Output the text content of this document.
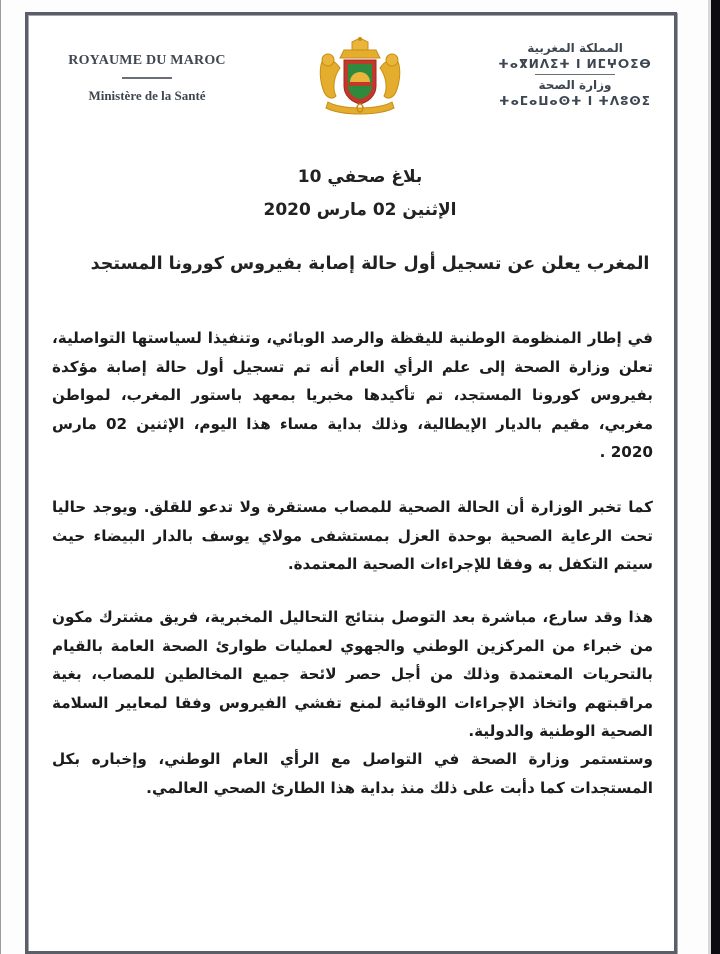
ROYAUME DU MAROC
Ministère de la Santé
المملكة المغربية
ⵜⴰⴳⵍⴷⵉⵜ ⵏ ⵍⵎⵖⵔⵉⴱ
وزارة الصحة
ⵜⴰⵎⴰⵡⴰⵙⵜ ⵏ ⵜⴷⵓⵙⵉ
بلاغ صحفي 10
الإثنين 02 مارس 2020
المغرب يعلن عن تسجيل أول حالة إصابة بفيروس كورونا المستجد
في إطار المنظومة الوطنية لليقظة والرصد الوبائي، وتنفيذا لسياستها التواصلية، تعلن وزارة الصحة إلى علم الرأي العام أنه تم تسجيل أول حالة إصابة مؤكدة بفيروس كورونا المستجد، تم تأكيدها مخبريا بمعهد باستور المغرب، لمواطن مغربي، مقيم بالديار الإيطالية، وذلك بداية مساء هذا اليوم، الإثنين 02 مارس 2020 .
كما تخبر الوزارة أن الحالة الصحية للمصاب مستقرة ولا تدعو للقلق. ويوجد حاليا تحت الرعاية الصحية بوحدة العزل بمستشفى مولاي يوسف بالدار البيضاء حيث سيتم التكفل به وفقا للإجراءات الصحية المعتمدة.
هذا وقد سارع، مباشرة بعد التوصل بنتائج التحاليل المخبرية، فريق مشترك مكون من خبراء من المركزين الوطني والجهوي لعمليات طوارئ الصحة العامة بالقيام بالتحريات المعتمدة وذلك من أجل حصر لائحة جميع المخالطين للمصاب، بغية مراقبتهم واتخاذ الإجراءات الوقائية لمنع تفشي الفيروس وفقا لمعايير السلامة الصحية الوطنية والدولية.
وستستمر وزارة الصحة في التواصل مع الرأي العام الوطني، وإخباره بكل المستجدات كما دأبت على ذلك منذ بداية هذا الطارئ الصحي العالمي.
